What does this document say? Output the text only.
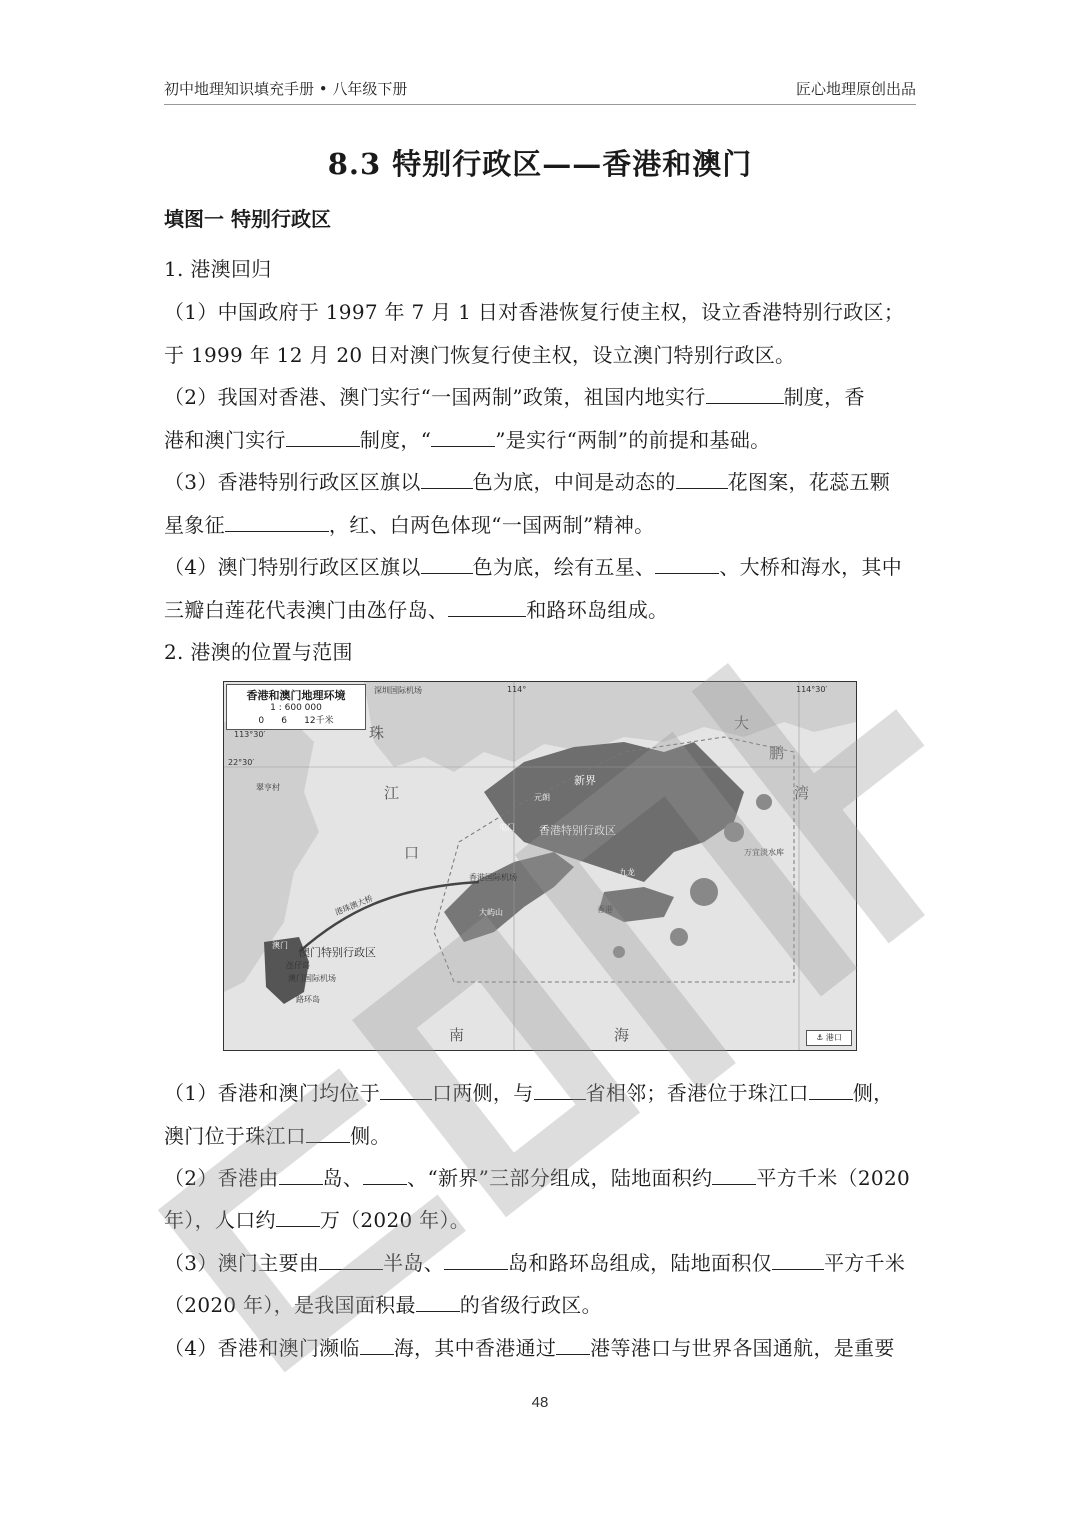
初中地理知识填充手册 • 八年级下册	匠心地理原创出品
8.3 特别行政区——香港和澳门
填图一 特别行政区
1. 港澳回归
（1）中国政府于 1997 年 7 月 1 日对香港恢复行使主权，设立香港特别行政区；
于 1999 年 12 月 20 日对澳门恢复行使主权，设立澳门特别行政区。
（2）我国对香港、澳门实行“一国两制”政策，祖国内地实行	制度，香
港和澳门实行	制度，“	”是实行“两制”的前提和基础。
（3）香港特别行政区区旗以	色为底，中间是动态的	花图案，花蕊五颗
星象征	，红、白两色体现“一国两制”精神。
（4）澳门特别行政区区旗以	色为底，绘有五星、	、大桥和海水，其中
三瓣白莲花代表澳门由氹仔岛、	和路环岛组成。
2. 港澳的位置与范围
香港和澳门地理环境
1 : 600 000
0 6 12千米
深圳国际机场	114°	114°30′
113°30′
22°30′
翠亨村
珠
江
口
南	海
大
鹏
湾
新界
香港特别行政区
屯门
元朗
香港国际机场
大屿山
九龙
香港
万宜淡水库
港珠澳大桥
澳门特别行政区
澳门
氹仔岛
澳门国际机场
路环岛
⚓ 港口
（1）香港和澳门均位于	口两侧，与	省相邻；香港位于珠江口 侧，
澳门位于珠江口 侧。
（2）香港由 岛、 、“新界”三部分组成，陆地面积约 平方千米（2020
年），人口约 万（2020 年）。
（3）澳门主要由	半岛、	岛和路环岛组成，陆地面积仅	平方千米
（2020 年），是我国面积最 的省级行政区。
（4）香港和澳门濒临 海，其中香港通过 港等港口与世界各国通航，是重要
48
